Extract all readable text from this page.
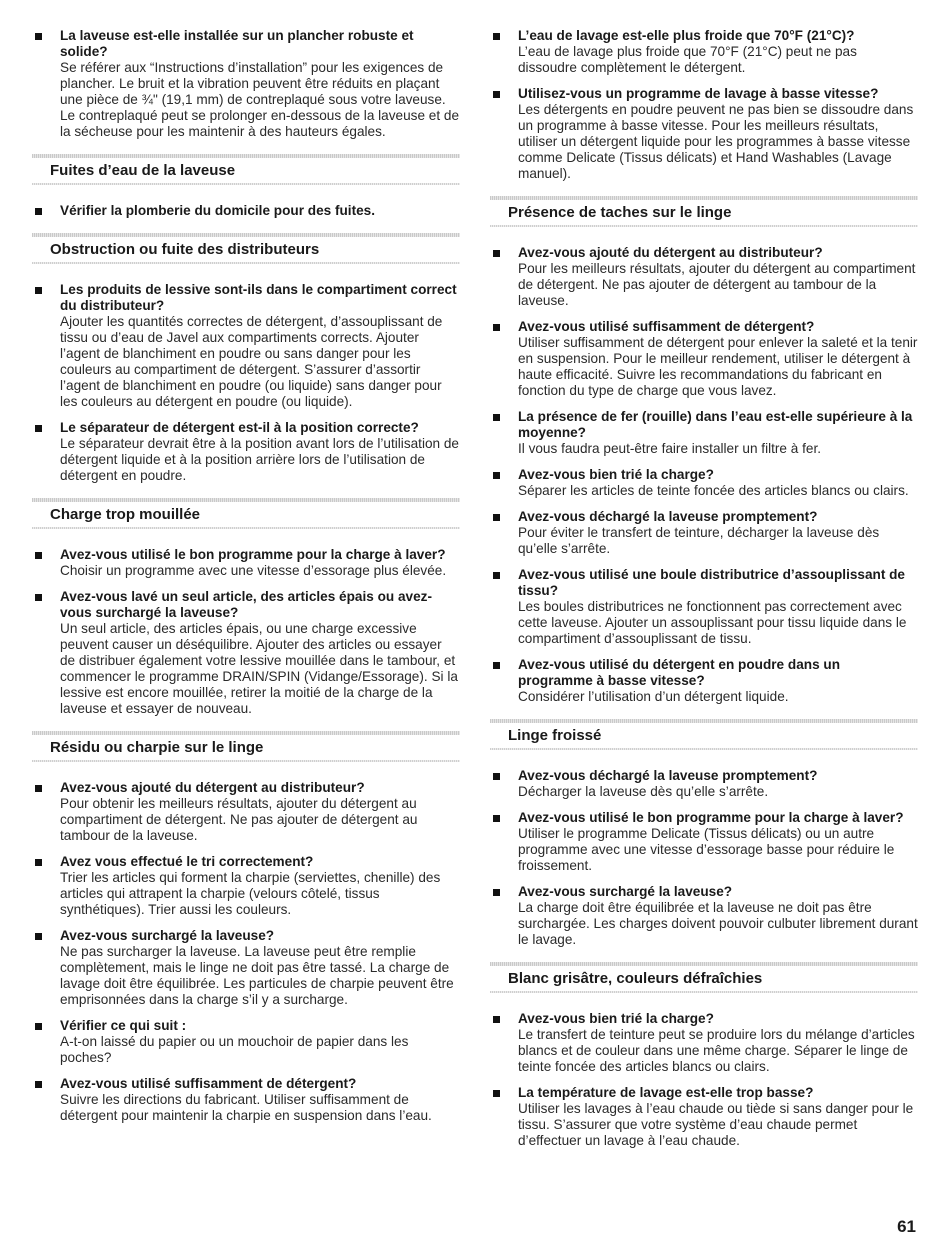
La laveuse est-elle installée sur un plancher robuste et solide?
Se référer aux “Instructions d’installation” pour les exigences de plancher. Le bruit et la vibration peuvent être réduits en plaçant une pièce de ¾" (19,1 mm) de contreplaqué sous votre laveuse. Le contreplaqué peut se prolonger en-dessous de la laveuse et de la sécheuse pour les maintenir à des hauteurs égales.
Fuites d’eau de la laveuse
Vérifier la plomberie du domicile pour des fuites.
Obstruction ou fuite des distributeurs
Les produits de lessive sont-ils dans le compartiment correct du distributeur?
Ajouter les quantités correctes de détergent, d’assouplissant de tissu ou d’eau de Javel aux compartiments corrects. Ajouter l’agent de blanchiment en poudre ou sans danger pour les couleurs au compartiment de détergent. S’assurer d’assortir l’agent de blanchiment en poudre (ou liquide) sans danger pour les couleurs au détergent en poudre (ou liquide).
Le séparateur de détergent est-il à la position correcte?
Le séparateur devrait être à la position avant lors de l’utilisation de détergent liquide et à la position arrière lors de l’utilisation de détergent en poudre.
Charge trop mouillée
Avez-vous utilisé le bon programme pour la charge à laver?
Choisir un programme avec une vitesse d’essorage plus élevée.
Avez-vous lavé un seul article, des articles épais ou avez-vous surchargé la laveuse?
Un seul article, des articles épais, ou une charge excessive peuvent causer un déséquilibre. Ajouter des articles ou essayer de distribuer également votre lessive mouillée dans le tambour, et commencer le programme DRAIN/SPIN (Vidange/Essorage). Si la lessive est encore mouillée, retirer la moitié de la charge de la laveuse et essayer de nouveau.
Résidu ou charpie sur le linge
Avez-vous ajouté du détergent au distributeur?
Pour obtenir les meilleurs résultats, ajouter du détergent au compartiment de détergent. Ne pas ajouter de détergent au tambour de la laveuse.
Avez vous effectué le tri correctement?
Trier les articles qui forment la charpie (serviettes, chenille) des articles qui attrapent la charpie (velours côtelé, tissus synthétiques). Trier aussi les couleurs.
Avez-vous surchargé la laveuse?
Ne pas surcharger la laveuse. La laveuse peut être remplie complètement, mais le linge ne doit pas être tassé. La charge de lavage doit être équilibrée. Les particules de charpie peuvent être emprisonnées dans la charge s’il y a surcharge.
Vérifier ce qui suit :
A-t-on laissé du papier ou un mouchoir de papier dans les poches?
Avez-vous utilisé suffisamment de détergent?
Suivre les directions du fabricant. Utiliser suffisamment de détergent pour maintenir la charpie en suspension dans l’eau.
L’eau de lavage est-elle plus froide que 70°F (21°C)?
L’eau de lavage plus froide que 70°F (21°C) peut ne pas dissoudre complètement le détergent.
Utilisez-vous un programme de lavage à basse vitesse?
Les détergents en poudre peuvent ne pas bien se dissoudre dans un programme à basse vitesse. Pour les meilleurs résultats, utiliser un détergent liquide pour les programmes à basse vitesse comme Delicate (Tissus délicats) et Hand Washables (Lavage manuel).
Présence de taches sur le linge
Avez-vous ajouté du détergent au distributeur?
Pour les meilleurs résultats, ajouter du détergent au compartiment de détergent. Ne pas ajouter de détergent au tambour de la laveuse.
Avez-vous utilisé suffisamment de détergent?
Utiliser suffisamment de détergent pour enlever la saleté et la tenir en suspension. Pour le meilleur rendement, utiliser le détergent à haute efficacité. Suivre les recommandations du fabricant en fonction du type de charge que vous lavez.
La présence de fer (rouille) dans l’eau est-elle supérieure à la moyenne?
Il vous faudra peut-être faire installer un filtre à fer.
Avez-vous bien trié la charge?
Séparer les articles de teinte foncée des articles blancs ou clairs.
Avez-vous déchargé la laveuse promptement?
Pour éviter le transfert de teinture, décharger la laveuse dès qu’elle s’arrête.
Avez-vous utilisé une boule distributrice d’assouplissant de tissu?
Les boules distributrices ne fonctionnent pas correctement avec cette laveuse. Ajouter un assouplissant pour tissu liquide dans le compartiment d’assouplissant de tissu.
Avez-vous utilisé du détergent en poudre dans un programme à basse vitesse?
Considérer l’utilisation d’un détergent liquide.
Linge froissé
Avez-vous déchargé la laveuse promptement?
Décharger la laveuse dès qu’elle s’arrête.
Avez-vous utilisé le bon programme pour la charge à laver?
Utiliser le programme Delicate (Tissus délicats) ou un autre programme avec une vitesse d’essorage basse pour réduire le froissement.
Avez-vous surchargé la laveuse?
La charge doit être équilibrée et la laveuse ne doit pas être surchargée. Les charges doivent pouvoir culbuter librement durant le lavage.
Blanc grisâtre, couleurs défraîchies
Avez-vous bien trié la charge?
Le transfert de teinture peut se produire lors du mélange d’articles blancs et de couleur dans une même charge. Séparer le linge de teinte foncée des articles blancs ou clairs.
La température de lavage est-elle trop basse?
Utiliser les lavages à l’eau chaude ou tiède si sans danger pour le tissu. S’assurer que votre système d’eau chaude permet d’effectuer un lavage à l’eau chaude.
61
